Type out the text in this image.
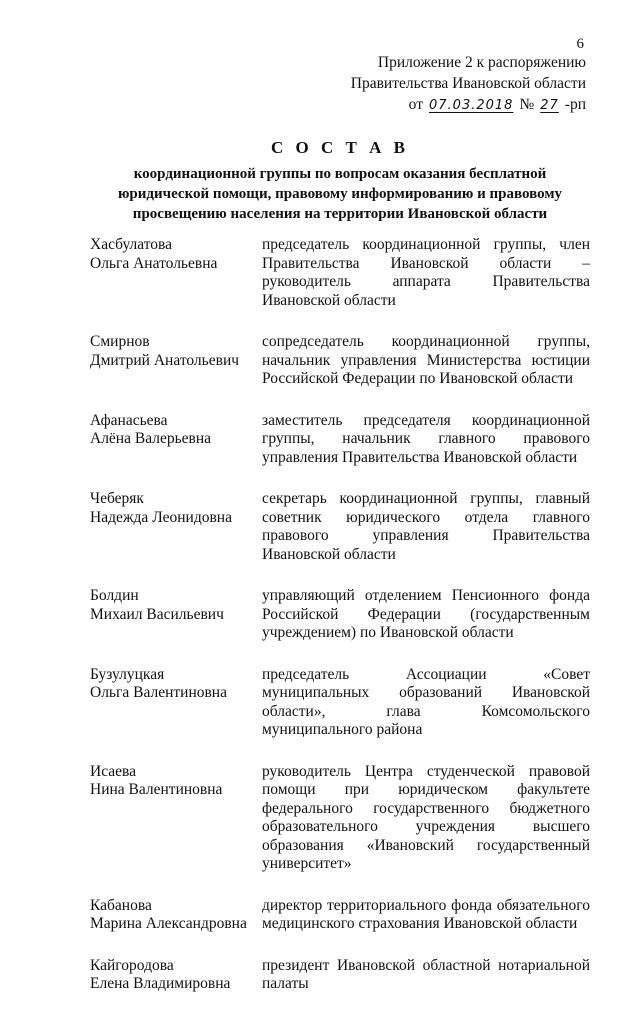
6
Приложение 2 к распоряжению
Правительства Ивановской области
от 07.03.2018 № 27 -рп
С О С Т А В
координационной группы по вопросам оказания бесплатной юридической помощи, правовому информированию и правовому просвещению населения на территории Ивановской области
Хасбулатова
Ольга Анатольевна
председатель координационной группы, член Правительства Ивановской области – руководитель аппарата Правительства Ивановской области
Смирнов
Дмитрий Анатольевич
сопредседатель координационной группы, начальник управления Министерства юстиции Российской Федерации по Ивановской области
Афанасьева
Алёна Валерьевна
заместитель председателя координационной группы, начальник главного правового управления Правительства Ивановской области
Чеберяк
Надежда Леонидовна
секретарь координационной группы, главный советник юридического отдела главного правового управления Правительства Ивановской области
Болдин
Михаил Васильевич
управляющий отделением Пенсионного фонда Российской Федерации (государственным учреждением) по Ивановской области
Бузулуцкая
Ольга Валентиновна
председатель Ассоциации «Совет муниципальных образований Ивановской области», глава Комсомольского муниципального района
Исаева
Нина Валентиновна
руководитель Центра студенческой правовой помощи при юридическом факультете федерального государственного бюджетного образовательного учреждения высшего образования «Ивановский государственный университет»
Кабанова
Марина Александровна
директор территориального фонда обязательного медицинского страхования Ивановской области
Кайгородова
Елена Владимировна
президент Ивановской областной нотариальной палаты
